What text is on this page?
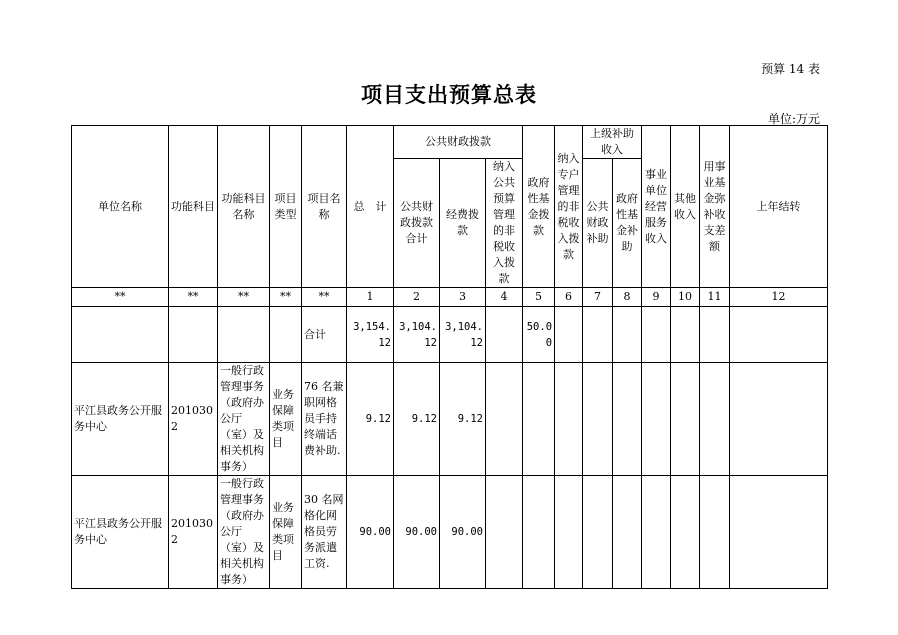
预算 14 表
项目支出预算总表
单位:万元
单位名称	功能科目	功能科目名称	项目类型	项目名称	总　计	公共财政拨款			政府性基金拨款	纳入专户管理的非税收入拨款	上级补助收入		事业单位经营服务收入	其他收入	用事业基金弥补收支差额	上年结转
						公共财政拨款合计	经费拨款	纳入公共预算管理的非税收入拨款			公共财政补助	政府性基金补助				
**	**	**	**	**	1	2	3	4	5	6	7	8	9	10	11	12
				合计	3,154.12	3,104.12	3,104.12		50.00							
平江县政务公开服务中心	2010302	一般行政管理事务（政府办公厅（室）及相关机构事务）	业务保障类项目	76 名兼职网格员手持终端话费补助.	9.12	9.12	9.12									
平江县政务公开服务中心	2010302	一般行政管理事务（政府办公厅（室）及相关机构事务）	业务保障类项目	30 名网格化网格员劳务派遣工资.	90.00	90.00	90.00									
